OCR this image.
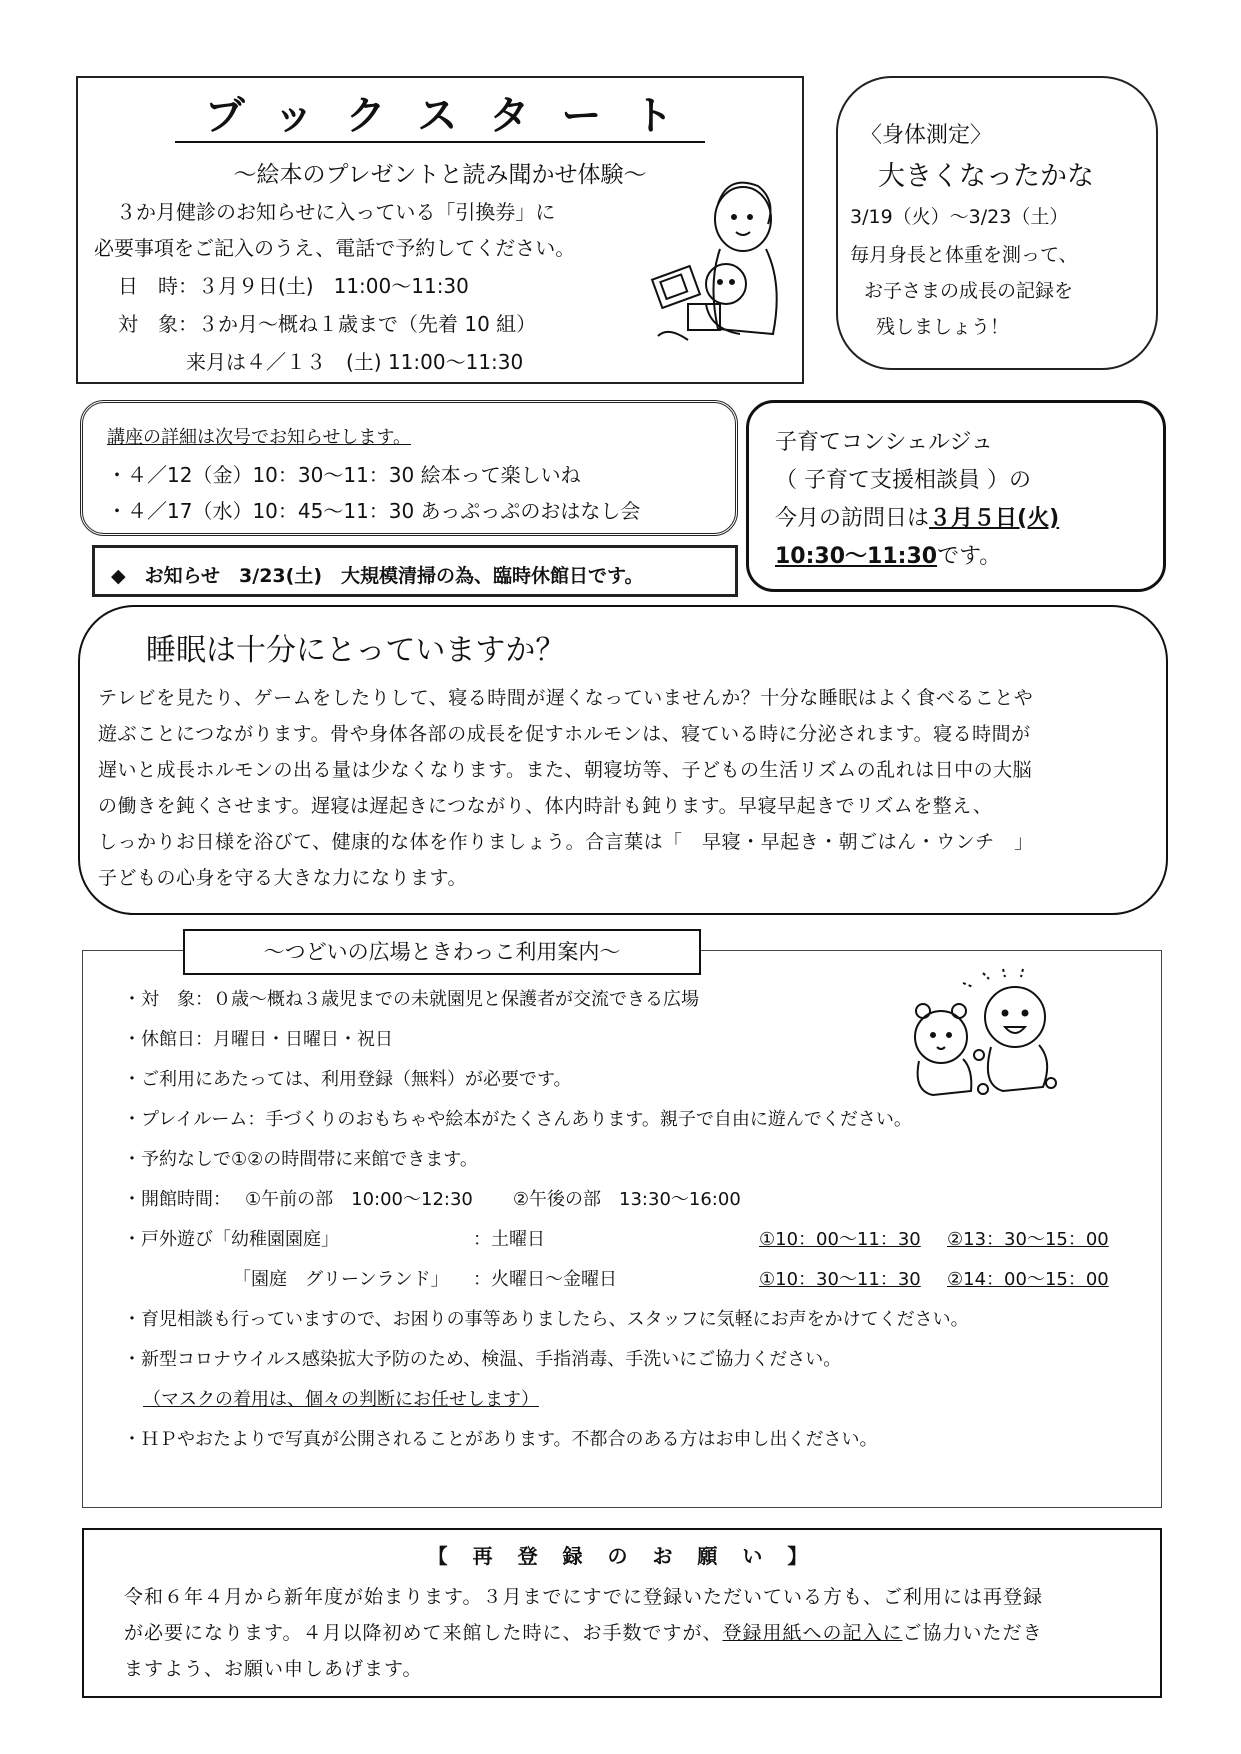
ブックスタート
～絵本のプレゼントと読み聞かせ体験～
３か月健診のお知らせに入っている「引換券」に
必要事項をご記入のうえ、電話で予約してください。
日　時：３月９日(土)　11:00～11:30
対　象：３か月～概ね１歳まで（先着 10 組）
来月は４／１３　(土) 11:00～11:30
〈身体測定〉
大きくなったかな
3/19（火）～3/23（土）
毎月身長と体重を測って、
お子さまの成長の記録を
残しましょう！
講座の詳細は次号でお知らせします。
・４／12（金）10：30～11：30 絵本って楽しいね
・４／17（水）10：45～11：30 あっぷっぷのおはなし会
◆　お知らせ　3/23(土)　大規模清掃の為、臨時休館日です。
子育てコンシェルジュ
（ 子育て支援相談員 ）の
今月の訪問日は３月５日(火)
10:30～11:30です。
睡眠は十分にとっていますか？
テレビを見たり、ゲームをしたりして、寝る時間が遅くなっていませんか？十分な睡眠はよく食べることや
遊ぶことにつながります。骨や身体各部の成長を促すホルモンは、寝ている時に分泌されます。寝る時間が
遅いと成長ホルモンの出る量は少なくなります。また、朝寝坊等、子どもの生活リズムの乱れは日中の大脳
の働きを鈍くさせます。遅寝は遅起きにつながり、体内時計も鈍ります。早寝早起きでリズムを整え、
しっかりお日様を浴びて、健康的な体を作りましょう。合言葉は「　早寝・早起き・朝ごはん・ウンチ　」
子どもの心身を守る大きな力になります。
～つどいの広場ときわっこ利用案内～
・対　象：０歳～概ね３歳児までの未就園児と保護者が交流できる広場
・休館日：月曜日・日曜日・祝日
・ご利用にあたっては、利用登録（無料）が必要です。
・プレイルーム：手づくりのおもちゃや絵本がたくさんあります。親子で自由に遊んでください。
・予約なしで①②の時間帯に来館できます。
・開館時間： ①午前の部　10:00～12:30 ②午後の部　13:30～16:00
・戸外遊び「幼稚園園庭」	：土曜日	①10：00～11：30 ②13：30～15：00
「園庭　グリーンランド」 ：火曜日～金曜日	①10：30～11：30 ②14：00～15：00
・育児相談も行っていますので、お困りの事等ありましたら、スタッフに気軽にお声をかけてください。
・新型コロナウイルス感染拡大予防のため、検温、手指消毒、手洗いにご協力ください。
（マスクの着用は、個々の判断にお任せします）
・ＨＰやおたよりで写真が公開されることがあります。不都合のある方はお申し出ください。
【 再 登 録 の お 願 い 】
令和６年４月から新年度が始まります。３月までにすでに登録いただいている方も、ご利用には再登録
が必要になります。４月以降初めて来館した時に、お手数ですが、登録用紙への記入にご協力いただき
ますよう、お願い申しあげます。
